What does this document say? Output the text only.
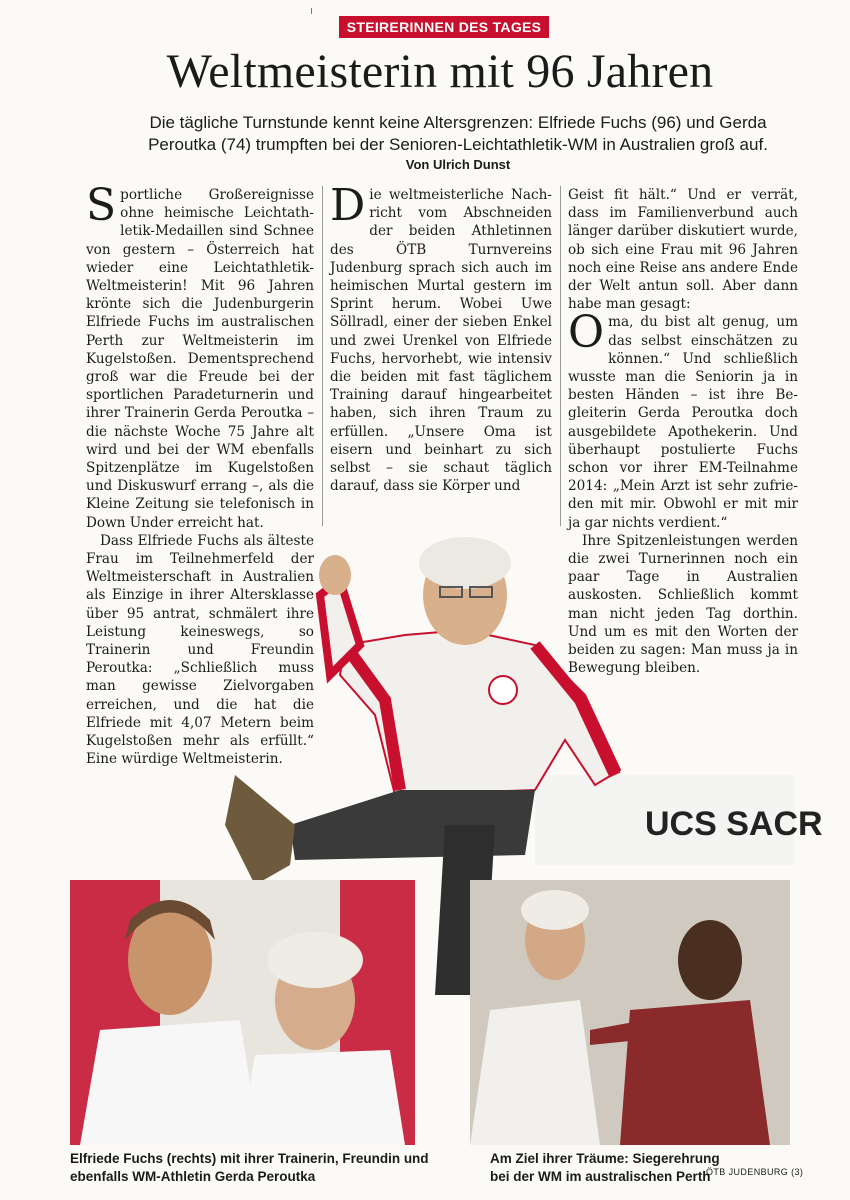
STEIRERINNEN DES TAGES
Weltmeisterin mit 96 Jahren
Die tägliche Turnstunde kennt keine Altersgrenzen: Elfriede Fuchs (96) und Gerda Peroutka (74) trumpften bei der Senioren-Leichtathletik-WM in Australien groß auf.
Von Ulrich Dunst

Sportliche Großereignisse ohne heimische Leichtathletik-Medaillen sind Schnee von gestern – Österreich hat wieder eine Leichtathletik-Weltmeisterin! Mit 96 Jahren krönte sich die Judenburgerin Elfriede Fuchs im australischen Perth zur Weltmeisterin im Kugelstoßen. Dementsprechend groß war die Freude bei der sportlichen Paradeturnerin und ihrer Trainerin Gerda Peroutka – die nächste Woche 75 Jahre alt wird und bei der WM ebenfalls Spitzenplätze im Kugelstoßen und Diskuswurf errang –, als die Kleine Zeitung sie telefonisch in Down Under erreicht hat.

Dass Elfriede Fuchs als älteste Frau im Teilnehmerfeld der Weltmeisterschaft in Australien als Einzige in ihrer Altersklasse über 95 antrat, schmälert ihre Leistung keineswegs, so Trainerin und Freundin Peroutka: „Schließlich muss man gewisse Zielvorgaben erreichen, und die hat die Elfriede mit 4,07 Metern beim Kugelstoßen mehr als erfüllt.“ Eine würdige Weltmeisterin.

Die weltmeisterliche Nachricht vom Abschneiden der beiden Athletinnen des ÖTB Turnvereins Judenburg sprach sich auch im heimischen Murtal gestern im Sprint herum. Wobei Uwe Söllradl, einer der sieben Enkel und zwei Urenkel von Elfriede Fuchs, hervorhebt, wie intensiv die beiden mit fast täglichem Training darauf hingearbeitet haben, sich ihren Traum zu erfüllen. „Unsere Oma ist eisern und beinhart zu sich selbst – sie schaut täglich darauf, dass sie Körper und

Geist fit hält.“ Und er verrät, dass im Familienverbund auch länger darüber diskutiert wurde, ob sich eine Frau mit 96 Jahren noch eine Reise ans andere Ende der Welt antun soll. Aber dann habe man gesagt:

Oma, du bist alt genug, um das selbst einschätzen zu können.“ Und schließlich wusste man die Seniorin ja in besten Händen – ist ihre Begleiterin Gerda Peroutka doch ausgebildete Apothekerin. Und überhaupt postulierte Fuchs schon vor ihrer EM-Teilnahme 2014: „Mein Arzt ist sehr zufrieden mit mir. Obwohl er mit mir ja gar nichts verdient.“

Ihre Spitzenleistungen werden die zwei Turnerinnen noch ein paar Tage in Australien auskosten. Schließlich kommt man nicht jeden Tag dorthin. Und um es mit den Worten der beiden zu sagen: Man muss ja in Bewegung bleiben.

UCS SACR
Elfriede Fuchs (rechts) mit ihrer Trainerin, Freundin und ebenfalls WM-Athletin Gerda Peroutka
Am Ziel ihrer Träume: Siegerehrung bei der WM im australischen Perth
ÖTB JUDENBURG (3)
